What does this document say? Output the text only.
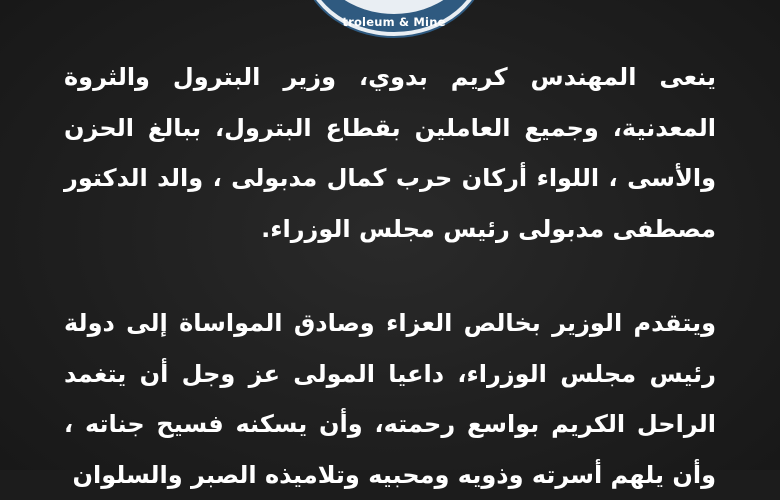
troleum & Mine

ينعى المهندس كريم بدوي، وزير البترول والثروة المعدنية، وجميع العاملين بقطاع البترول، ببالغ الحزن والأسى ، اللواء أركان حرب كمال مدبولى ، والد الدكتور مصطفى مدبولى رئيس مجلس الوزراء.

ويتقدم الوزير بخالص العزاء وصادق المواساة إلى دولة رئيس مجلس الوزراء، داعيا المولى عز وجل أن يتغمد الراحل الكريم بواسع رحمته، وأن يسكنه فسيح جناته ، وأن يلهم أسرته وذويه ومحبيه وتلاميذه الصبر والسلوان
